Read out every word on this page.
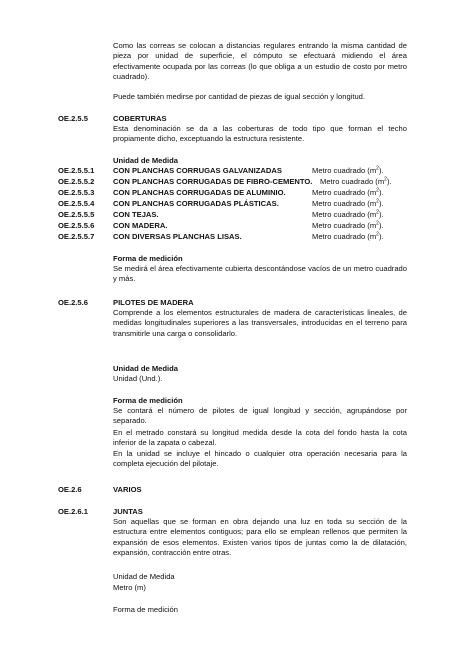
Como las correas se colocan a distancias regulares entrando la misma cantidad de pieza por unidad de superficie, el cómputo se efectuará midiendo el área efectivamente ocupada por las correas (lo que obliga a un estudio de costo por metro cuadrado).

Puede también medirse por cantidad de piezas de igual sección y longitud.

OE.2.5.5	COBERTURAS

Esta denominación se da a las coberturas de todo tipo que forman el techo propiamente dicho, exceptuando la estructura resistente.

Unidad de Medida
OE.2.5.5.1 CON PLANCHAS CORRUGAS GALVANIZADAS	Metro cuadrado $(m^2)$.
OE.2.5.5.2 CON PLANCHAS CORRUGADAS DE FIBRO-CEMENTO. Metro cuadrado $(m^2)$.
OE.2.5.5.3 CON PLANCHAS CORRUGADAS DE ALUMINIO.	Metro cuadrado $(m^2)$.
OE.2.5.5.4 CON PLANCHAS CORRUGADAS PLÁSTICAS.	Metro cuadrado $(m^2)$.
OE.2.5.5.5 CON TEJAS.	Metro cuadrado $(m^2)$.
OE.2.5.5.6 CON MADERA.	Metro cuadrado $(m^2)$.
OE.2.5.5.7 CON DIVERSAS PLANCHAS LISAS.	Metro cuadrado $(m^2)$.
Forma de medición

Se medirá el área efectivamente cubierta descontándose vacíos de un metro cuadrado y más.

OE.2.5.6	PILOTES DE MADERA

Comprende a los elementos estructurales de madera de características lineales, de medidas longitudinales superiores a las transversales, introducidas en el terreno para transmitirle una carga o consolidarlo.

Unidad de Medida
Unidad (Und.).
Forma de medición

Se contará el número de pilotes de igual longitud y sección, agrupándose por separado.

En el metrado constará su longitud medida desde la cota del fondo hasta la cota inferior de la zapata o cabezal.

En la unidad se incluye el hincado o cualquier otra operación necesaria para la completa ejecución del pilotaje.

OE.2.6	VARIOS
OE.2.6.1	JUNTAS

Son aquellas que se forman en obra dejando una luz en toda su sección de la estructura entre elementos contiguos; para ello se emplean rellenos que permiten la expansión de esos elementos. Existen varios tipos de juntas como la de dilatación, expansión, contracción entre otras.

Unidad de Medida
Metro (m)
Forma de medición
